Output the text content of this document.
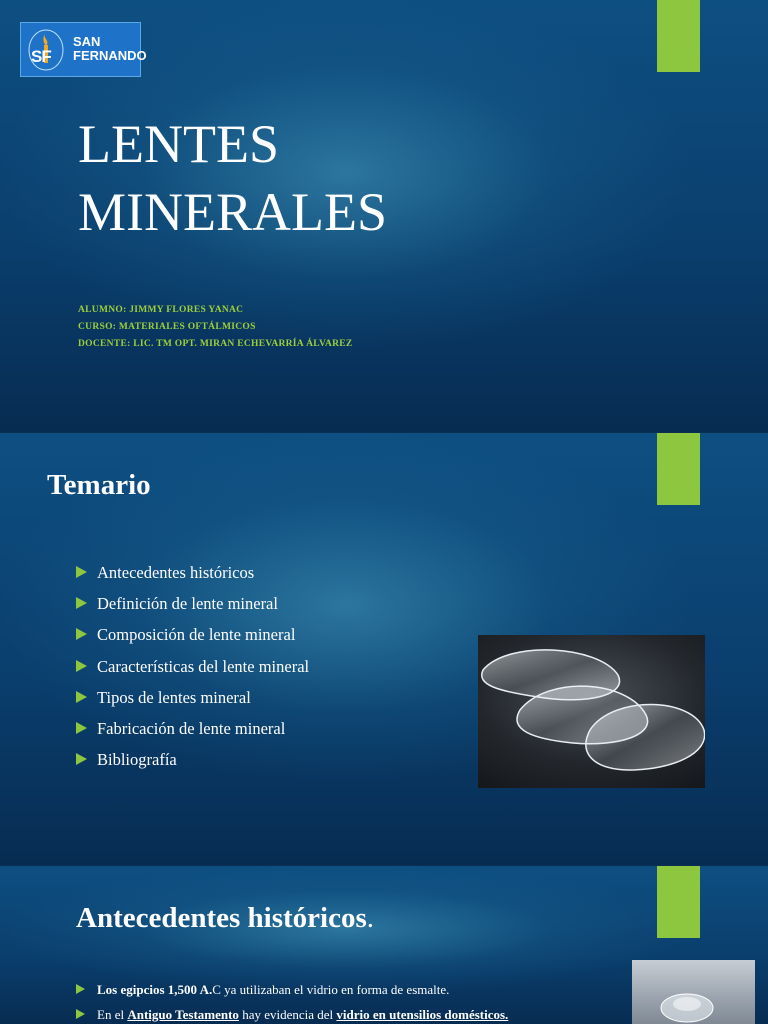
SF
SAN
FERNANDO
LENTES
MINERALES
ALUMNO: JIMMY FLORES YANAC
CURSO: MATERIALES OFTÁLMICOS
DOCENTE: LIC. TM OPT. MIRAN ECHEVARRÍA ÁLVAREZ
Temario
Antecedentes históricos
Definición de lente mineral
Composición de lente mineral
Características del lente mineral
Tipos de lentes mineral
Fabricación de lente mineral
Bibliografía
Antecedentes históricos.
Los egipcios 1,500 A.C ya utilizaban el vidrio en forma de esmalte.
En el Antiguo Testamento hay evidencia del vidrio en utensilios domésticos.
